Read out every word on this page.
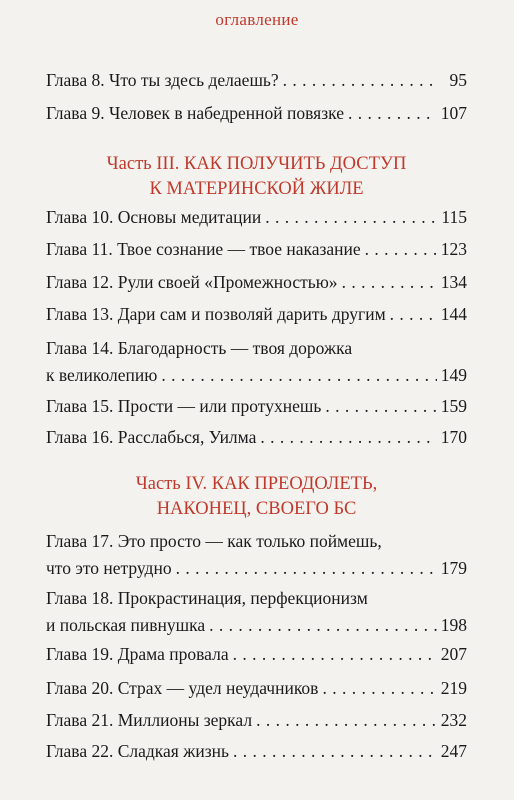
оглавление
Глава 8. Что ты здесь делаешь? . . .	95
Глава 9. Человек в набедренной повязке . . .	107
Часть III. КАК ПОЛУЧИТЬ ДОСТУП
К МАТЕРИНСКОЙ ЖИЛЕ
Глава 10. Основы медитации . . .	115
Глава 11. Твое сознание — твое наказание . . .	123
Глава 12. Рули своей «Промежностью» . . .	134
Глава 13. Дари сам и позволяй дарить другим . . .	144
Глава 14. Благодарность — твоя дорожка
к великолепию . . .	149
Глава 15. Прости — или протухнешь . . .	159
Глава 16. Расслабься, Уилма . . .	170
Часть IV. КАК ПРЕОДОЛЕТЬ,
НАКОНЕЦ, СВОЕГО БС
Глава 17. Это просто — как только поймешь,
что это нетрудно . . .	179
Глава 18. Прокрастинация, перфекционизм
и польская пивнушка . . .	198
Глава 19. Драма провала . . .	207
Глава 20. Страх — удел неудачников . . .	219
Глава 21. Миллионы зеркал . . .	232
Глава 22. Сладкая жизнь . . .	247
